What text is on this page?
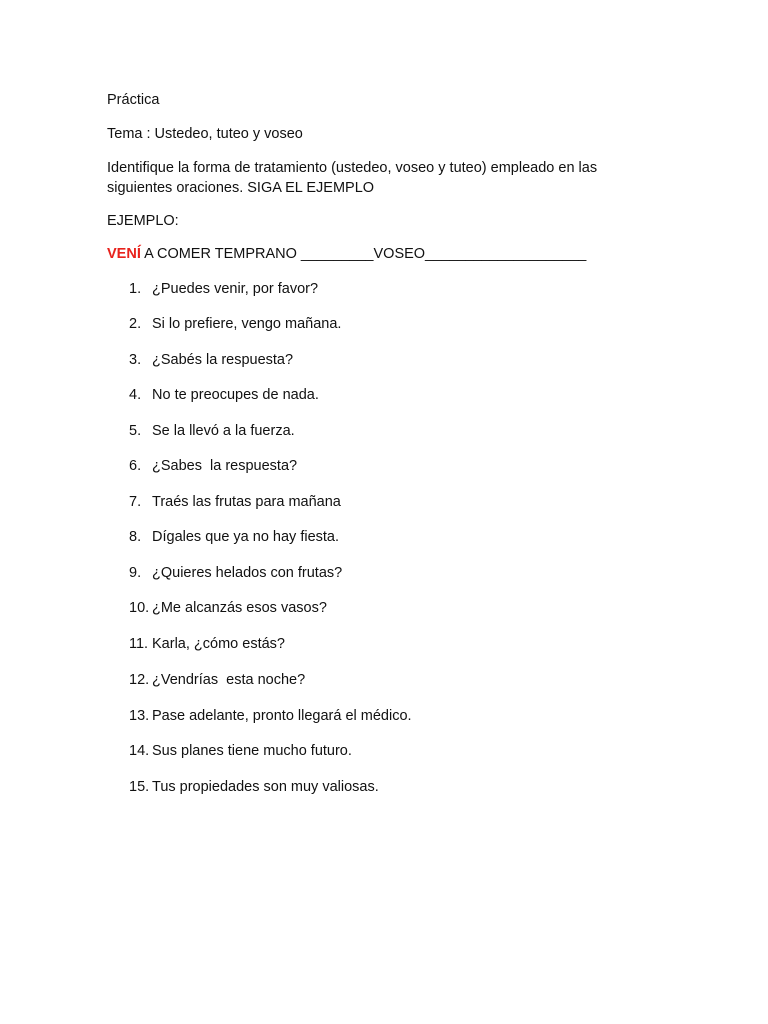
Práctica

Tema : Ustedeo, tuteo y voseo

Identifique la forma de tratamiento (ustedeo, voseo y tuteo) empleado en las siguientes oraciones. SIGA EL EJEMPLO

EJEMPLO:

VENÍ A COMER TEMPRANO _________VOSEO____________________

1. ¿Puedes venir, por favor?

2. Si lo prefiere, vengo mañana.

3. ¿Sabés la respuesta?

4. No te preocupes de nada.

5. Se la llevó a la fuerza.

6. ¿Sabes  la respuesta?

7. Traés las frutas para mañana

8. Dígales que ya no hay fiesta.

9. ¿Quieres helados con frutas?

10. ¿Me alcanzás esos vasos?

11. Karla, ¿cómo estás?

12. ¿Vendrías  esta noche?

13. Pase adelante, pronto llegará el médico.

14. Sus planes tiene mucho futuro.

15. Tus propiedades son muy valiosas.
